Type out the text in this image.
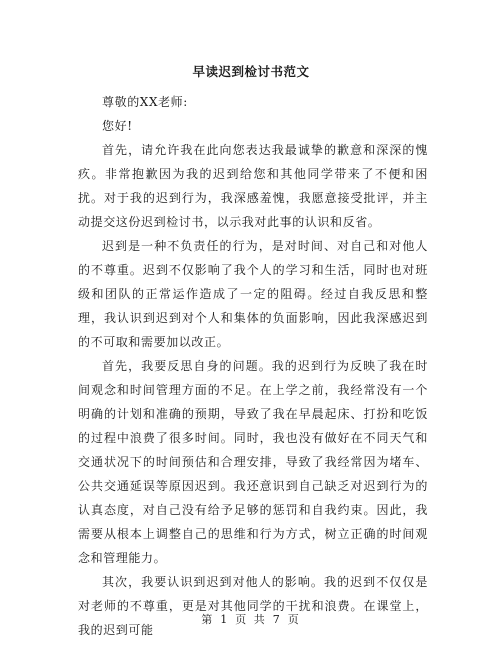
早读迟到检讨书范文

尊敬的XX老师:

您好!

首先，请允许我在此向您表达我最诚挚的歉意和深深的愧疚。非常抱歉因为我的迟到给您和其他同学带来了不便和困扰。对于我的迟到行为，我深感羞愧，我愿意接受批评，并主动提交这份迟到检讨书，以示我对此事的认识和反省。

迟到是一种不负责任的行为，是对时间、对自己和对他人的不尊重。迟到不仅影响了我个人的学习和生活，同时也对班级和团队的正常运作造成了一定的阻碍。经过自我反思和整理，我认识到迟到对个人和集体的负面影响，因此我深感迟到的不可取和需要加以改正。

首先，我要反思自身的问题。我的迟到行为反映了我在时间观念和时间管理方面的不足。在上学之前，我经常没有一个明确的计划和准确的预期，导致了我在早晨起床、打扮和吃饭的过程中浪费了很多时间。同时，我也没有做好在不同天气和交通状况下的时间预估和合理安排，导致了我经常因为堵车、公共交通延误等原因迟到。我还意识到自己缺乏对迟到行为的认真态度，对自己没有给予足够的惩罚和自我约束。因此，我需要从根本上调整自己的思维和行为方式，树立正确的时间观念和管理能力。

其次，我要认识到迟到对他人的影响。我的迟到不仅仅是对老师的不尊重，更是对其他同学的干扰和浪费。在课堂上，我的迟到可能

第 1 页 共 7 页
